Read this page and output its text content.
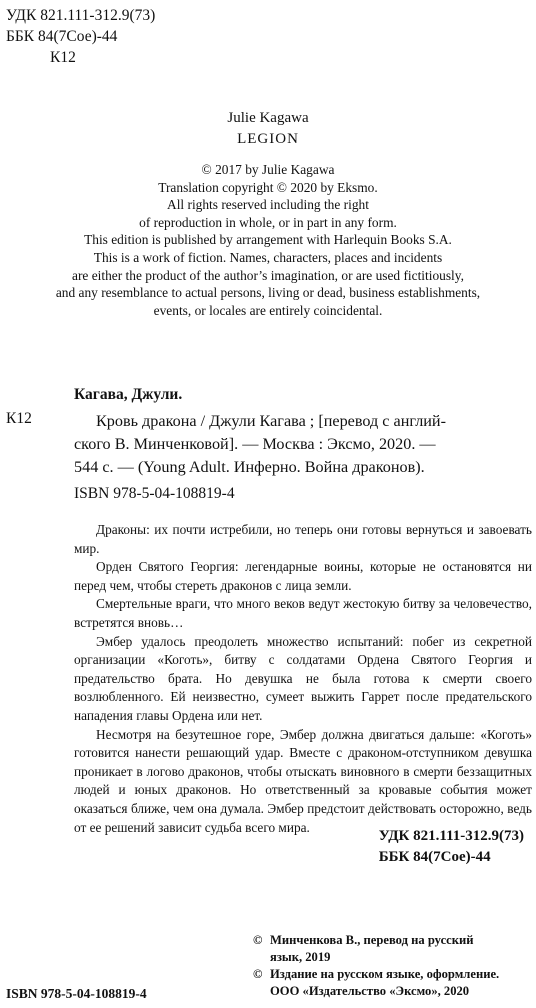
УДК 821.111-312.9(73)
ББК 84(7Сое)-44
К12
Julie Kagawa
LEGION
© 2017 by Julie Kagawa
Translation copyright © 2020 by Eksmo.
All rights reserved including the right
of reproduction in whole, or in part in any form.
This edition is published by arrangement with Harlequin Books S.A.
This is a work of fiction. Names, characters, places and incidents
are either the product of the author’s imagination, or are used fictitiously,
and any resemblance to actual persons, living or dead, business establishments,
events, or locales are entirely coincidental.
Кагава, Джули.
К12	Кровь дракона / Джули Кагава ; [перевод с англий-
ского В. Минченковой]. — Москва : Эксмо, 2020. —
544 с. — (Young Adult. Инферно. Война драконов).
ISBN 978-5-04-108819-4

Драконы: их почти истребили, но теперь они готовы вернуться и завоевать мир.

Орден Святого Георгия: легендарные воины, которые не остановятся ни перед чем, чтобы стереть драконов с лица земли.

Смертельные враги, что много веков ведут жестокую битву за человечество, встретятся вновь…

Эмбер удалось преодолеть множество испытаний: побег из секретной организации «Коготь», битву с солдатами Ордена Святого Георгия и предательство брата. Но девушка не была готова к смерти своего возлюбленного. Ей неизвестно, сумеет выжить Гаррет после предательского нападения главы Ордена или нет.

Несмотря на безутешное горе, Эмбер должна двигаться дальше: «Коготь» готовится нанести решающий удар. Вместе с драконом-отступником девушка проникает в логово драконов, чтобы отыскать виновного в смерти беззащитных людей и юных драконов. Но ответственный за кровавые события может оказаться ближе, чем она думала. Эмбер предстоит действовать осторожно, ведь от ее решений зависит судьба всего мира.

УДК 821.111-312.9(73)
ББК 84(7Сое)-44
© Минченкова В., перевод на русский
язык, 2019
© Издание на русском языке, оформление.
ООО «Издательство «Эксмо», 2020
ISBN 978-5-04-108819-4
